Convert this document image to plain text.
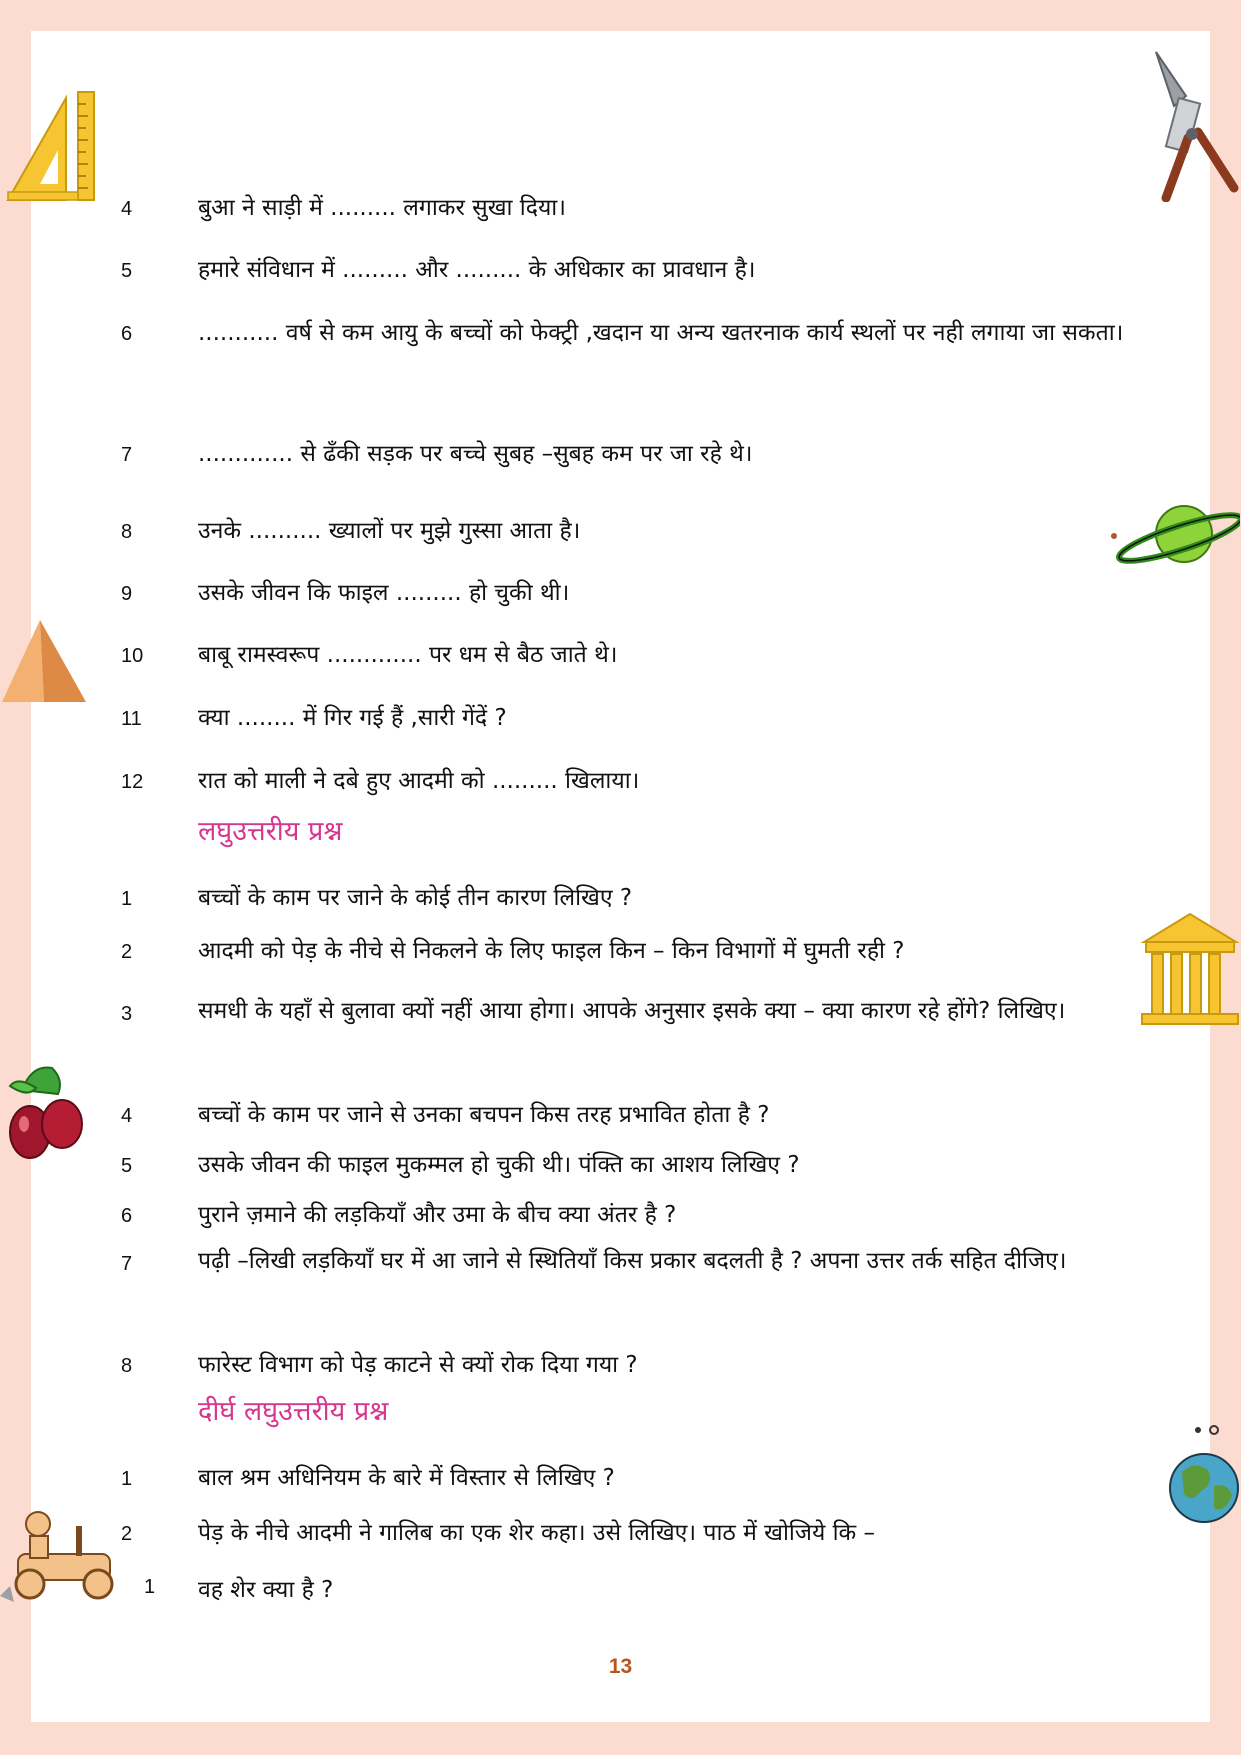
4	बुआ ने साड़ी में ......... लगाकर सुखा दिया।
5	हमारे संविधान में ......... और ......... के अधिकार का प्रावधान है।
6	........... वर्ष से कम आयु के बच्चों को फेक्ट्री ,खदान या अन्य खतरनाक कार्य स्थलों पर नही लगाया जा सकता।
7	............. से ढँकी सड़क पर बच्चे सुबह –सुबह कम पर जा रहे थे।
8	उनके .......... ख्यालों पर मुझे गुस्सा आता है।
9	उसके जीवन कि फाइल ......... हो चुकी थी।
10	बाबू रामस्वरूप ............. पर धम से बैठ जाते थे।
11	क्या ........ में गिर गई हैं ,सारी गेंदें ?
12	रात को माली ने दबे हुए आदमी को ......... खिलाया।
लघुउत्तरीय प्रश्न
1	बच्चों के काम पर जाने के कोई तीन कारण लिखिए ?
2	आदमी को पेड़ के नीचे से निकलने के लिए फाइल किन – किन विभागों में घुमती रही ?
3	समधी के यहाँ से बुलावा क्यों नहीं आया होगा। आपके अनुसार इसके क्या – क्या कारण रहे होंगे? लिखिए।
4	बच्चों के काम पर जाने से उनका बचपन किस तरह प्रभावित होता है ?
5	उसके जीवन की फाइल मुकम्मल हो चुकी थी। पंक्ति का आशय लिखिए ?
6	पुराने ज़माने की लड़कियाँ और उमा के बीच क्या अंतर है ?
7	पढ़ी –लिखी लड़कियाँ घर में आ जाने से स्थितियाँ किस प्रकार बदलती है ? अपना उत्तर तर्क सहित दीजिए।
8	फारेस्ट विभाग को पेड़ काटने से क्यों रोक दिया गया ?
दीर्घ लघुउत्तरीय प्रश्न
1	बाल श्रम अधिनियम के बारे में विस्तार से लिखिए ?
2	पेड़ के नीचे आदमी ने गालिब का एक शेर कहा। उसे लिखिए। पाठ में खोजिये कि –
1	वह शेर क्या है ?
13
